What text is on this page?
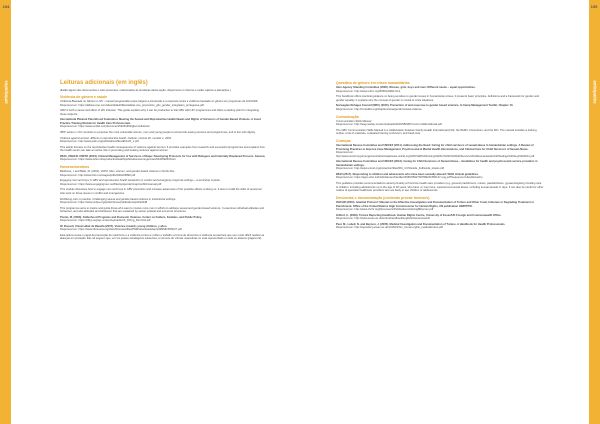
194	195
anticipados	anticipados
Leituras adicionais (em inglês)

(Estão alguns dos documentos e sites presentes, relacionados às temáticas desta seção, disponíveis no Internet e estão sujeitos a alterações.)

Violência de gênero e saúde

Violência Baseada no Gênero e HIV - manual programático para integrar a prevenção e a resposta contra a violência baseada no gênero em programas de HIV/AIDS.
Disponível em: https://aidstar-one.com/sites/default/files/aidstar-one_prevention_gbv_gender_integration_portuguese.pdf

GBV is both a cause and effect of HIV infection. This guide explains why it can be productive to link GBV with HIV programmes and offers a starting point for integrating these subjects.

International Planned Parenthood Federation. Meeting the Sexual and Reproductive Health Needs and Rights of Survivors of Gender-Based Violence. A Good Practice Training Module for Health Care Professionals.
Disponível em: https://www.scribd.com/document/52251650/gbvmoduleinal

IPPF works in 172 countries to empower the most vulnerable women, men and young people to access life-saving services and programmes, and to live with dignity.

Violence against women: Effects on reproductive health. Outlook, volume 20, number 1, 2001.
Disponível em: http://www.path.org/publications/files/EOL20_1.pdf

This article focuses on the reproductive health consequences of violence against women. It provides examples from research and successful programmes and explains how the health sector can take an active role in preventing and treating violence against women.

WHO, UNHCR, UNFPA (2004). Clinical Management of Survivors of Rape: Developing Protocols for Use with Refugees and Internally Displaced Persons. Geneva.
Disponível em: https://www.who.int/reproductivehealth/publications/emergencies/924159263X/en/

Homens/meninos

Barkhess, I. and Bello, M. (2004). VAPO, Men, women, and gender-based violence in North Abu.
Disponível em: http://www.hsfo.no/images/pdfs/2004/23890.pdf

Engaging men and boys in GBV and reproductive health prevention in conflict and emergency response settings – a workshop module.
Disponível em: https://www.engagingmen.net/files/sp/gender/map/conflict/manual.pdf

This module discusses how to engage men and boys in GBV prevention and increase awareness of the possible effects of doing so. It aims to build the skills of personnel who work on these issues in conflict and emergencies.

Mobilising men in practice. Challenging sexual and gender-based violence in institutional settings.
Disponível em: https://www.unfpa.org/public/home/publications/pid/10448

This programme aims to inspire and guide those who want to involve more men in efforts to address sexual and gender-based violence. It examines individual attitudes and behaviour, and also attitudes and behaviour that are sustained by social, political and economic structures.

Poulet, M. (2003). Fatherhood Programs and Domestic Violence. Center on Fathers, Families, and Public Policy.
Disponível em: https://cffpp.org/wp-content/uploads/CK_FProg_DomViol.pdf

W. Russell, Universidad de Bauella (2007). Violence towards young children, y a/los.
Disponível em: https://www.tforeview.org/sites/tforeview/files/PMR/downloads/wp/pdf/RMF/PMF/27.pdf

Esta leitura revisa o papel da prevenção do machismo e a violência contra a mulher e trabalho a forma de denunciar a violência sexual face que seu modo difícil realizar as alianças em proteção. Ele cal seguem que, em los países estratégicos existentes, el número de vítimas masculinas no está representado en todo su alcance (página 22).

Questões de gênero em crises humanitárias

Inter-Agency Standing Committee (2006). Women, girls, boys and men: Different needs – equal opportunities.
Disponível em: http://www.unhcr.org/50561c9994.html

This handbook offers practical guidance on being sensitive to gender issues in humanitarian crises. It presents basic principles, definitions and a framework for gender and gender equality. It explains why the concept of gender is crucial to crisis situations.

Norwegian Refugee Council (NRC) (2015). Prevention of and response to gender based violence. In Camp Management Toolkit, Chapter 10.
Disponível em: http://cmtoolkit.org/chapters/view/gender-based-violence

Comunicação

Communication Skills Manual
Disponível em: http://ieag.net/wp-content/uploads/2016/08/GBV-Comm-Skills-Manual.pdf

The GBV Communication Skills Manual is a collaboration between Family Health International (FHI), the RHRC Consortium, and the IRC. The manual includes a training outline, a list of materials, a detailed training curriculum, and hand-outs.

Crianças

International Rescue Committee and UNICEF (2011). Addressing the Need: Caring for child survivors of sexual abuse in humanitarian settings. A Review of Promising Practices to Improve Case Management, Psychosocial & Mental Health Interventions, and Clinical Care for Child Survivors of Sexual Abuse.
Disponível em: http://www.unicef.org/emergencies/downloads/www.unicef.org%20Child%20Caring%20For%20Child%20Survivors%20Humanitarian%20Settings%20Aug%202011.pdf

International Rescue Committee and UNICEF (2012). Caring for Child Survivors of Sexual Abuse – Guidelines for health and psychosocial service providers in humanitarian settings.
Disponível em: http://www.unicef.org/protection/files/IRC_CCSGuide_FullGuide_lowres.pdf

WHO (2017). Responding to children and adolescents who have been sexually abused: WHO clinical guidelines.
Disponível em: https://apps.who.int/iris/bitstream/handle/10665/259270/9789241550147-eng.pdf?sequence=1&isAllowed=y

This guideline provides recommendations aimed primarily at front-line health-care providers (e.g. general practitioners, nurses, paediatricians, gynaecologists) providing care to children, including adolescents up to the age of 18 years, who have, or may have, experienced sexual abuse, including sexual assault or rape. It can also be useful for other cadres of specialist healthcare providers who are likely to see children or adolescents.

Denúncias e documentação (contendo provas forenses)

OHCHR (2004). Istanbul Protocol: Manual on the Effective Investigation and Documentation of Torture and Other Cruel, Inhuman or Degrading Treatment or Punishment. Office of the United Nations High Commissioner for Human Rights, UN publication HR/P/PT/8.
Disponível em: http://www.ohchr.org/Documents/Publications/training8Rev1en.pdf

Gilford, C. (2009). Torture Reporting Handbook. Human Rights Centre, University of Essex/UK Foreign and Commonwealth Office.
Disponível em: http://www.essex.ac.uk/torturehandbook/english/interaccessinfo

Peel, M., Lubell, N. and Beynon, J. (2005). Medical Investigation and Documentation of Torture. A Handbook for Health Professionals.
Disponível em: http://repository.essex.ac.uk/13152/1/hrc_human-rights_medicaltorture.pdf
